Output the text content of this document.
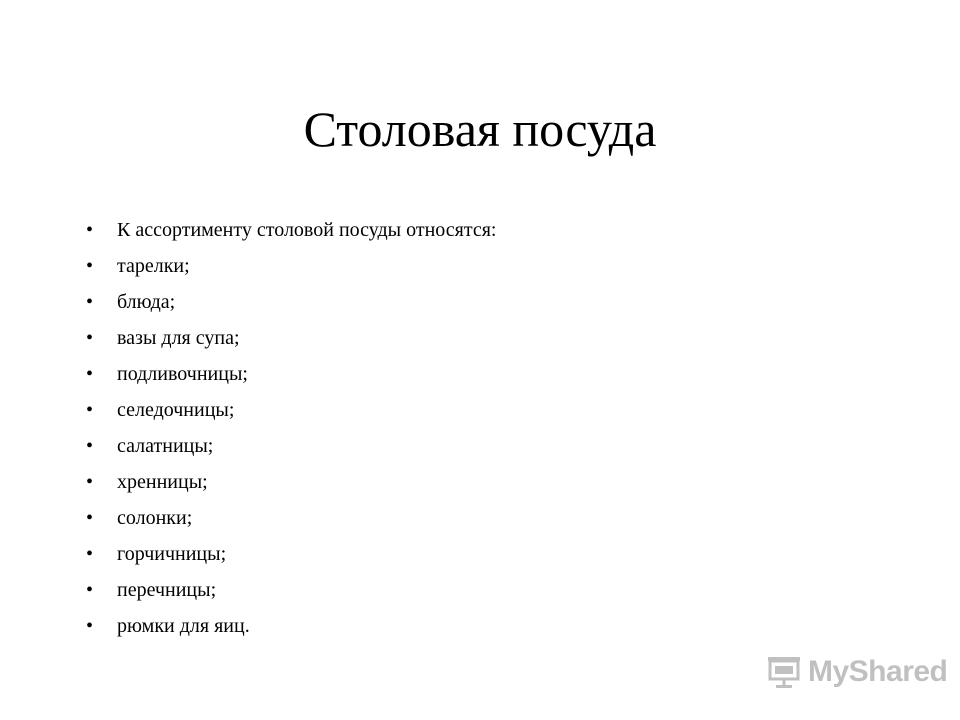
Столовая посуда
• К ассортименту столовой посуды относятся:
• тарелки;
• блюда;
• вазы для супа;
• подливочницы;
• селедочницы;
• салатницы;
• хренницы;
• солонки;
• горчичницы;
• перечницы;
• рюмки для яиц.
MyShared
